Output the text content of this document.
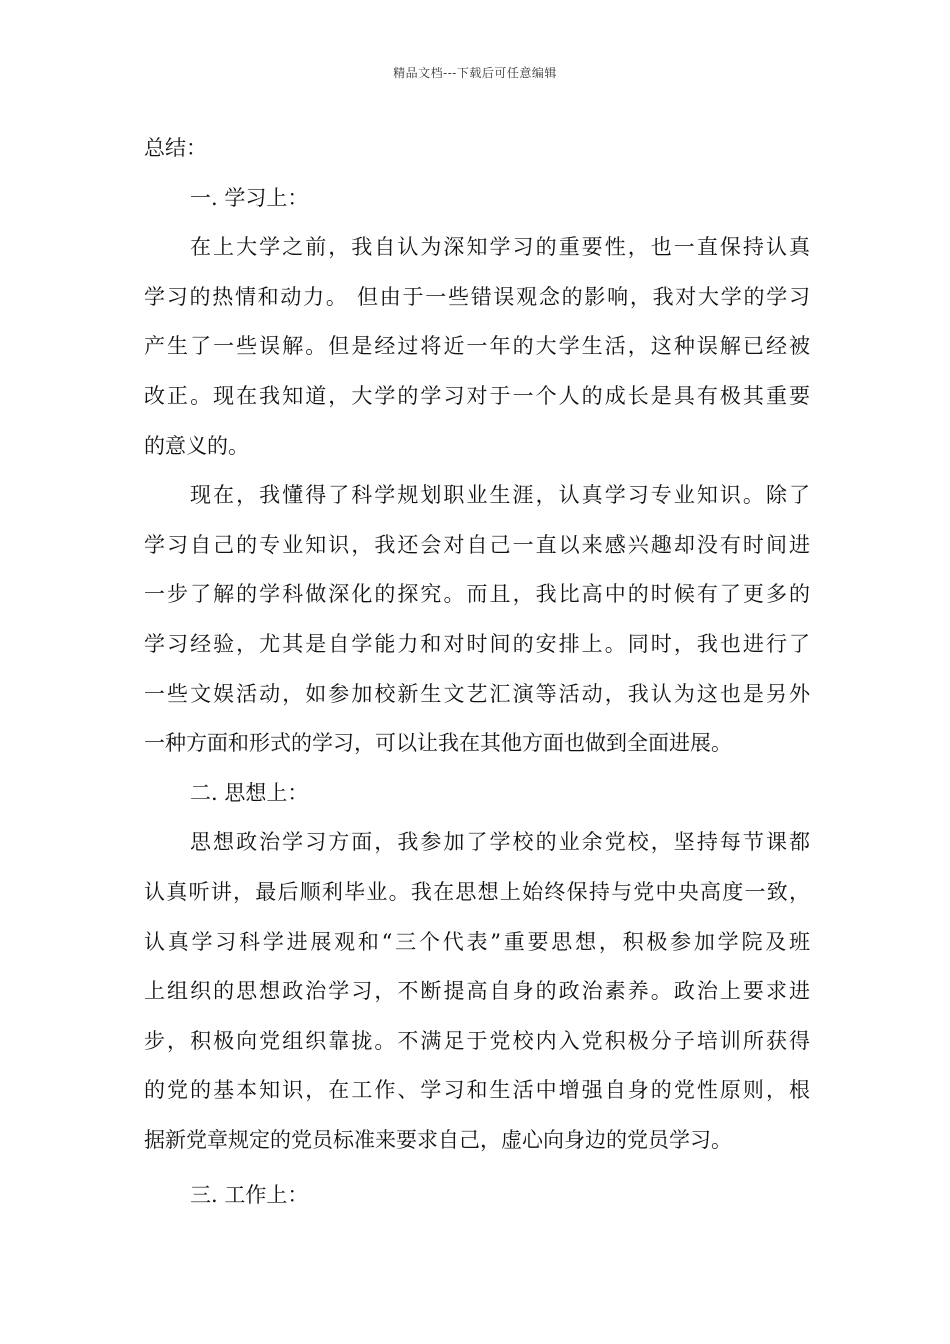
精品文档---下载后可任意编辑
总结：
一. 学习上：
在上大学之前，我自认为深知学习的重要性，也一直保持认真
学习的热情和动力。 但由于一些错误观念的影响，我对大学的学习
产生了一些误解。但是经过将近一年的大学生活，这种误解已经被
改正。现在我知道，大学的学习对于一个人的成长是具有极其重要
的意义的。
现在，我懂得了科学规划职业生涯，认真学习专业知识。除了
学习自己的专业知识，我还会对自己一直以来感兴趣却没有时间进
一步了解的学科做深化的探究。而且，我比高中的时候有了更多的
学习经验，尤其是自学能力和对时间的安排上。同时，我也进行了
一些文娱活动，如参加校新生文艺汇演等活动，我认为这也是另外
一种方面和形式的学习，可以让我在其他方面也做到全面进展。
二. 思想上：
思想政治学习方面，我参加了学校的业余党校，坚持每节课都
认真听讲，最后顺利毕业。我在思想上始终保持与党中央高度一致，
认真学习科学进展观和“三个代表”重要思想，积极参加学院及班
上组织的思想政治学习，不断提高自身的政治素养。政治上要求进
步，积极向党组织靠拢。不满足于党校内入党积极分子培训所获得
的党的基本知识，在工作、学习和生活中增强自身的党性原则，根
据新党章规定的党员标准来要求自己，虚心向身边的党员学习。
三. 工作上：
